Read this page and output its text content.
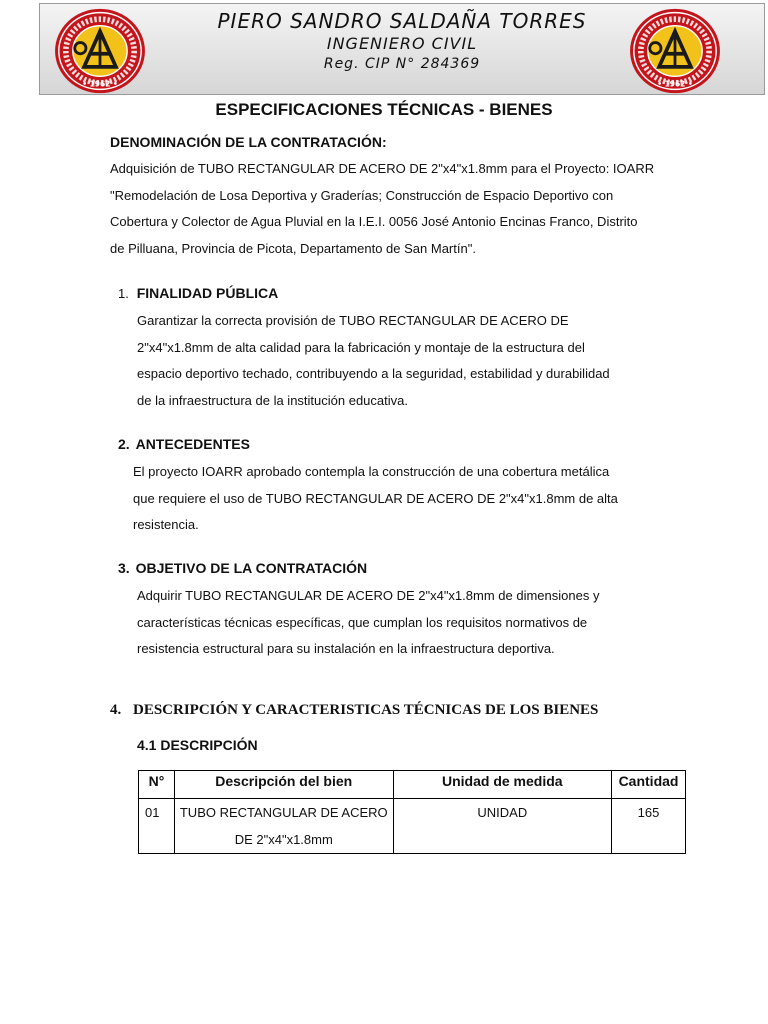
• 1962 •
PIERO SANDRO SALDAÑA TORRES
INGENIERO CIVIL
Reg. CIP N° 284369
• 1962 •
ESPECIFICACIONES TÉCNICAS - BIENES
DENOMINACIÓN DE LA CONTRATACIÓN:
Adquisición de TUBO RECTANGULAR DE ACERO DE 2"x4"x1.8mm para el Proyecto: IOARR
"Remodelación de Losa Deportiva y Graderías; Construcción de Espacio Deportivo con
Cobertura y Colector de Agua Pluvial en la I.E.I. 0056 José Antonio Encinas Franco, Distrito
de Pilluana, Provincia de Picota, Departamento de San Martín".
1. FINALIDAD PÚBLICA
Garantizar la correcta provisión de TUBO RECTANGULAR DE ACERO DE
2"x4"x1.8mm de alta calidad para la fabricación y montaje de la estructura del
espacio deportivo techado, contribuyendo a la seguridad, estabilidad y durabilidad
de la infraestructura de la institución educativa.
2. ANTECEDENTES
El proyecto IOARR aprobado contempla la construcción de una cobertura metálica
que requiere el uso de TUBO RECTANGULAR DE ACERO DE 2"x4"x1.8mm de alta
resistencia.
3. OBJETIVO DE LA CONTRATACIÓN
Adquirir TUBO RECTANGULAR DE ACERO DE 2"x4"x1.8mm de dimensiones y
características técnicas específicas, que cumplan los requisitos normativos de
resistencia estructural para su instalación en la infraestructura deportiva.
4. DESCRIPCIÓN Y CARACTERISTICAS TÉCNICAS DE LOS BIENES
4.1 DESCRIPCIÓN
N°	Descripción del bien	Unidad de medida	Cantidad
01	TUBO RECTANGULAR DE ACERO
DE 2"x4"x1.8mm	UNIDAD	165
